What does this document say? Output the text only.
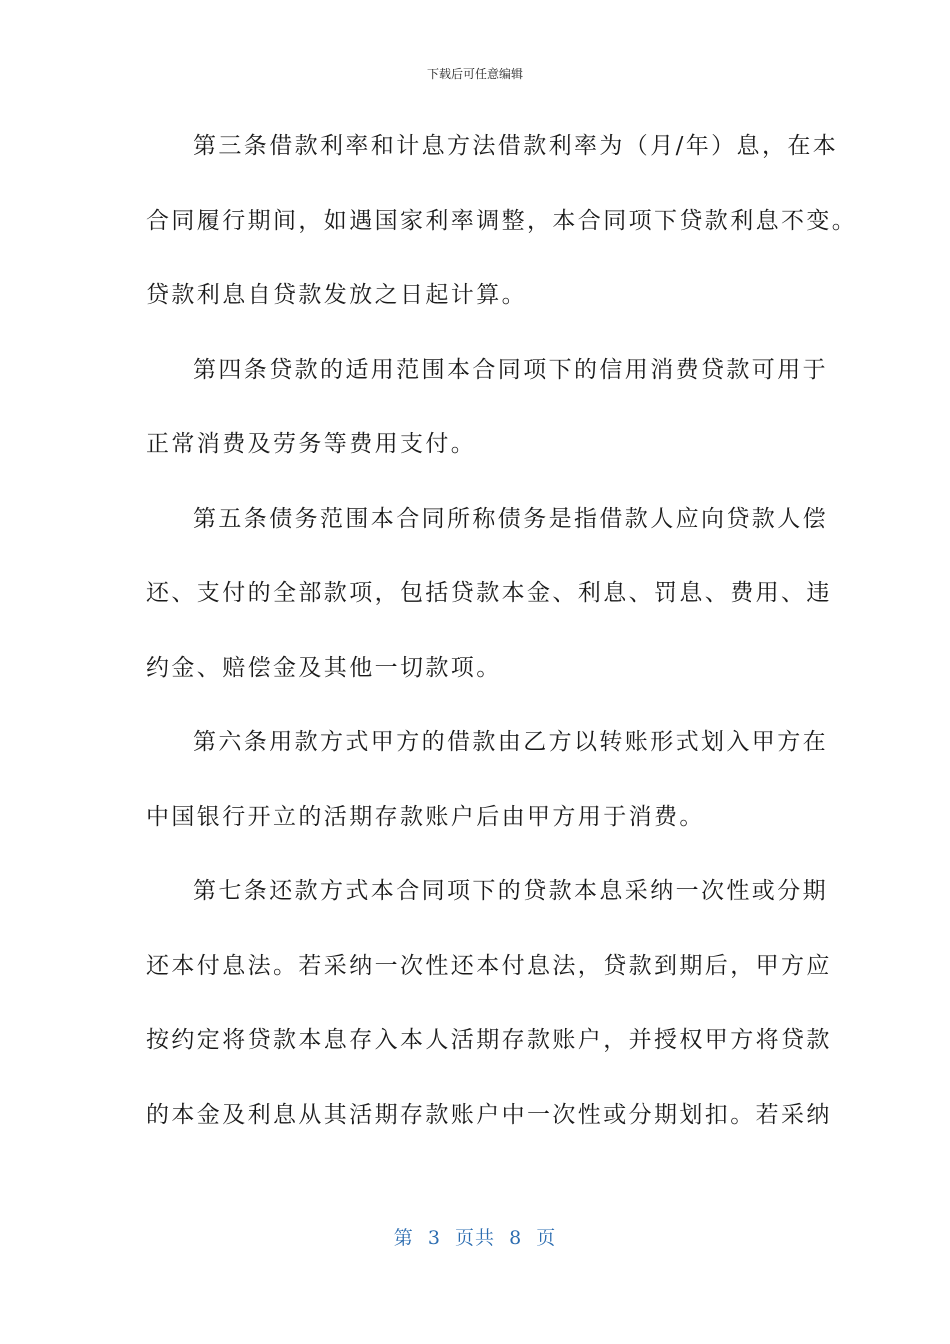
下载后可任意编辑
第三条借款利率和计息方法借款利率为（月/年）息，在本
合同履行期间，如遇国家利率调整，本合同项下贷款利息不变。
贷款利息自贷款发放之日起计算。
第四条贷款的适用范围本合同项下的信用消费贷款可用于
正常消费及劳务等费用支付。
第五条债务范围本合同所称债务是指借款人应向贷款人偿
还、支付的全部款项，包括贷款本金、利息、罚息、费用、违
约金、赔偿金及其他一切款项。
第六条用款方式甲方的借款由乙方以转账形式划入甲方在
中国银行开立的活期存款账户后由甲方用于消费。
第七条还款方式本合同项下的贷款本息采纳一次性或分期
还本付息法。若采纳一次性还本付息法，贷款到期后，甲方应
按约定将贷款本息存入本人活期存款账户，并授权甲方将贷款
的本金及利息从其活期存款账户中一次性或分期划扣。若采纳
第  3  页共  8  页
